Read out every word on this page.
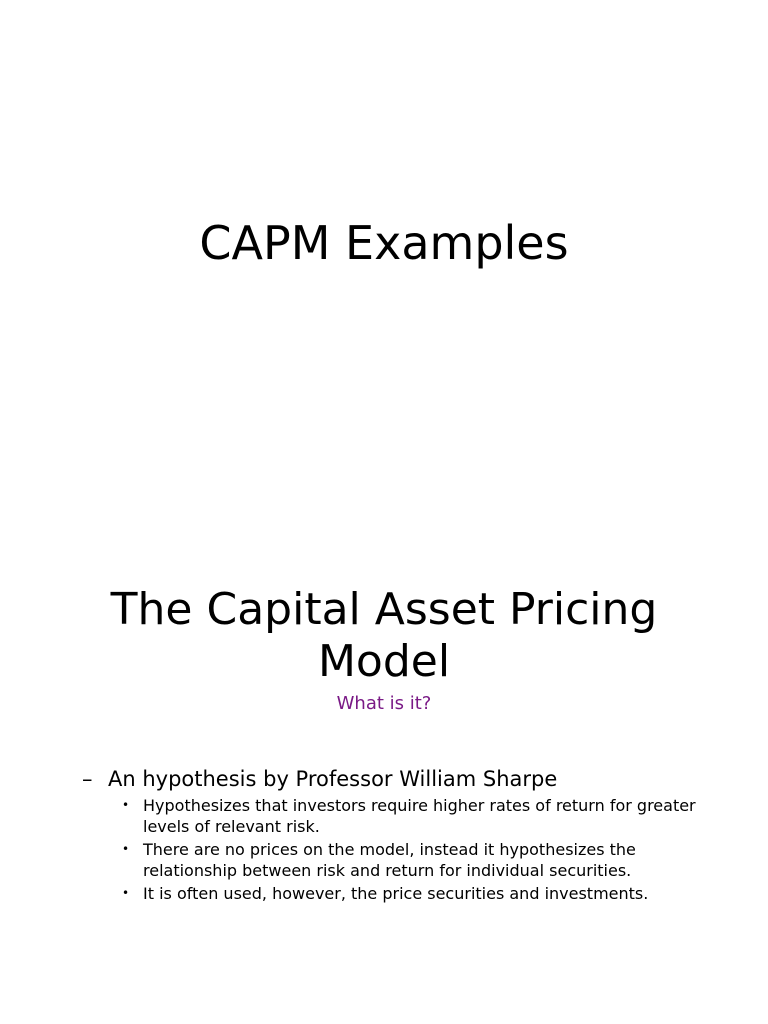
CAPM Examples
The Capital Asset Pricing
Model
What is it?
– An hypothesis by Professor William Sharpe
• Hypothesizes that investors require higher rates of return for greater
levels of relevant risk.
• There are no prices on the model, instead it hypothesizes the
relationship between risk and return for individual securities.
• It is often used, however, the price securities and investments.
